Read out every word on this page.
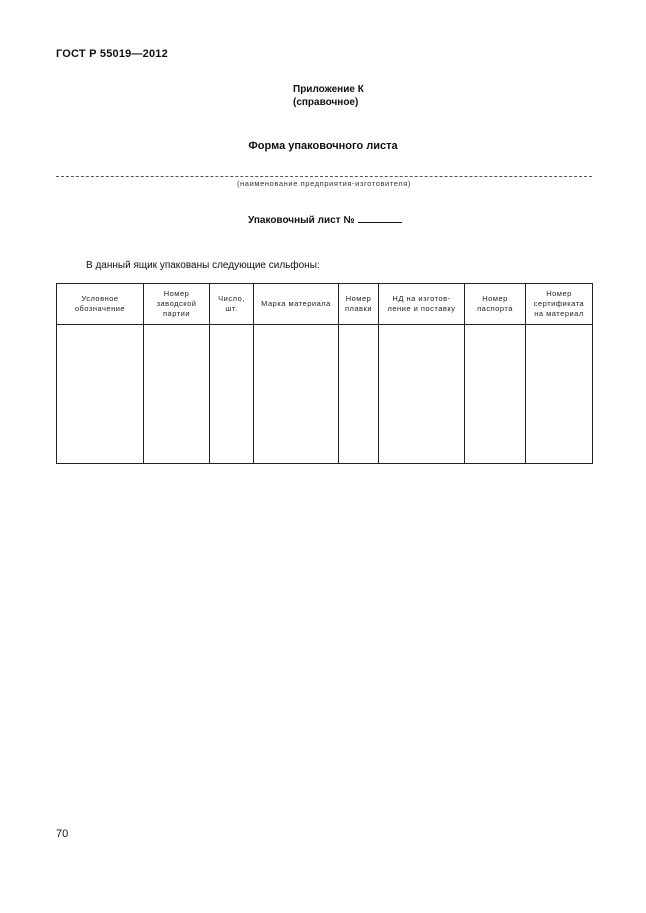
ГОСТ Р 55019—2012
Приложение К
(справочное)
Форма упаковочного листа
(наименование предприятия-изготовителя)
Упаковочный лист №
В данный ящик упакованы следующие сильфоны:
Условное обозначение	Номер заводской партии	Число, шт.	Марка материала	Номер плавки	НД на изготов-ление и поставку	Номер паспорта	Номер сертификата на материал

70
